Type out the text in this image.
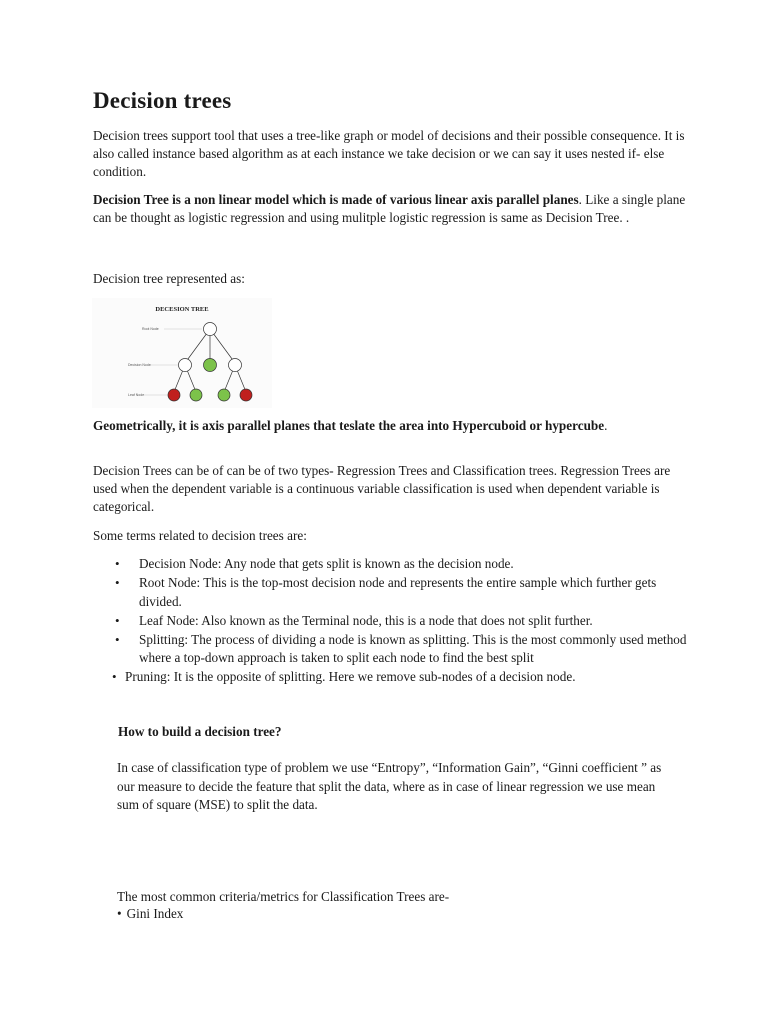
Decision trees

Decision trees support tool that uses a tree-like graph or model of decisions and their possible consequence. It is also called instance based algorithm as at each instance we take decision or we can say it uses nested if- else condition.

Decision Tree is a non linear model which is made of various linear axis parallel planes. Like a single plane can be thought as logistic regression and using mulitple logistic regression is same as Decision Tree. .

Decision tree represented as:

DECESION TREE
Root Node
Decision Node
Leaf Node

Geometrically, it is axis parallel planes that teslate the area into Hypercuboid or hypercube.

Decision Trees can be of can be of two types- Regression Trees and Classification trees. Regression Trees are used when the dependent variable is a continuous variable classification is used when dependent variable is categorical.

Some terms related to decision trees are:

• Decision Node: Any node that gets split is known as the decision node.
• Root Node: This is the top-most decision node and represents the entire sample which further gets divided.
• Leaf Node: Also known as the Terminal node, this is a node that does not split further.
• Splitting: The process of dividing a node is known as splitting. This is the most commonly used method where a top-down approach is taken to split each node to find the best split
• Pruning: It is the opposite of splitting. Here we remove sub-nodes of a decision node.

How to build a decision tree?

In case of classification type of problem we use “Entropy”, “Information Gain”, “Ginni coefficient ” as our measure to decide the feature that split the data, where as in case of linear regression we use mean sum of square (MSE) to split the data.

The most common criteria/metrics for Classification Trees are-

• Gini Index
